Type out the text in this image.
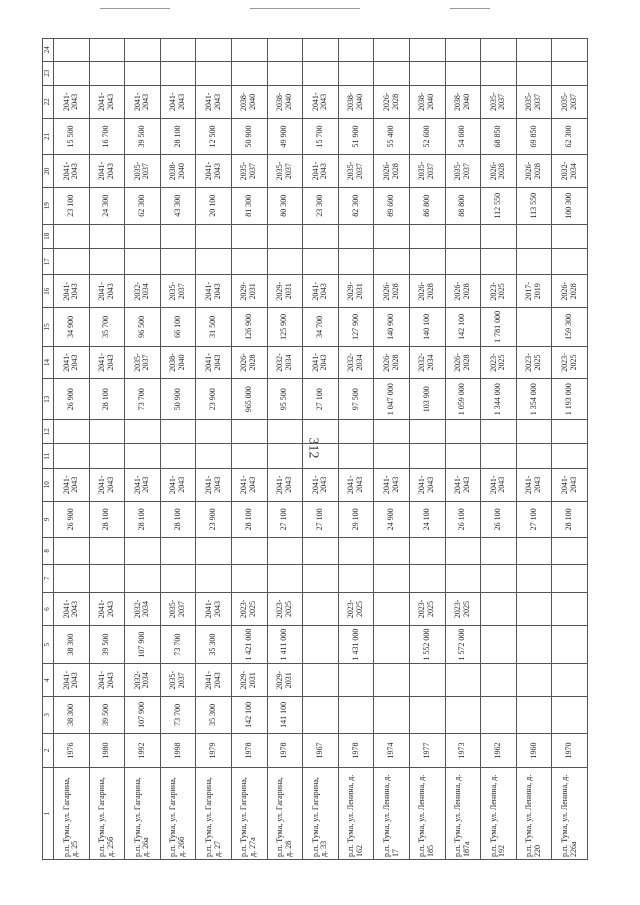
312
1	2	3	4	5	6	7	8	9	10	11	12	13	14	15	16	17	18	19	20	21	22	23	24
р.п. Тума, ул. Гагарина, д. 25	1976	38 300	2041-2043	38 300	2041-2043			26 900	2041-2043			26 900	2041-2043	34 900	2041-2043			23 100	2041-2043	15 500	2041-2043		
р.п. Тума, ул. Гагарина, д. 25б	1980	39 500	2041-2043	39 500	2041-2043			28 100	2041-2043			28 100	2041-2043	35 700	2041-2043			24 300	2041-2043	16 700	2041-2043		
р.п. Тума, ул. Гагарина, д. 26а	1992	107 900	2032-2034	107 900	2032-2034			28 100	2041-2043			73 700	2035-2037	96 500	2032-2034			62 300	2035-2037	39 500	2041-2043		
р.п. Тума, ул. Гагарина, д. 26б	1998	73 700	2035-2037	73 700	2035-2037			28 100	2041-2043			50 900	2038-2040	66 100	2035-2037			43 300	2038-2040	28 100	2041-2043		
р.п. Тума, ул. Гагарина, д. 27	1979	35 300	2041-2043	35 300	2041-2043			23 900	2041-2043			23 900	2041-2043	31 500	2041-2043			20 100	2041-2043	12 500	2041-2043		
р.п. Тума, ул. Гагарина, д. 27а	1978	142 100	2029-2031	1 421 000	2023-2025			28 100	2041-2043			965 000	2026-2028	126 900	2029-2031			81 300	2035-2037	50 900	2038-2040		
р.п. Тума, ул. Гагарина, д. 28	1978	141 100	2029-2031	1 411 000	2023-2025			27 100	2041-2043			95 500	2032-2034	125 900	2029-2031			80 300	2035-2037	49 900	2038-2040		
р.п. Тума, ул. Гагарина, д. 33	1967							27 100	2041-2043			27 100	2041-2043	34 700	2041-2043			23 300	2041-2043	15 700	2041-2043		
р.п. Тума, ул. Ленина, д. 162	1978			1 431 000	2023-2025			29 100	2041-2043			97 500	2032-2034	127 900	2029-2031			82 300	2035-2037	51 900	2038-2040		
р.п. Тума, ул. Ленина, д. 17	1974							24 900	2041-2043			1 047 000	2026-2028	140 900	2026-2028			89 600	2026-2028	55 400	2026-2028		
р.п. Тума, ул. Ленина, д. 185	1977			1 552 000	2023-2025			24 100	2041-2043			103 900	2032-2034	140 100	2026-2028			86 800	2035-2037	52 600	2038-2040		
р.п. Тума, ул. Ленина, д. 187а	1973			1 572 000	2023-2025			26 100	2041-2043			1 059 000	2026-2028	142 100	2026-2028			88 800	2035-2037	54 600	2038-2040		
р.п. Тума, ул. Ленина, д. 192	1962							26 100	2041-2043			1 344 000	2023-2025	1 781 000	2023-2025			112 550	2026-2028	68 850	2035-2037		
р.п. Тума, ул. Ленина, д. 220	1960							27 100	2041-2043			1 354 000	2023-2025		2017-2019			113 550	2026-2028	69 850	2035-2037		
р.п. Тума, ул. Ленина, д. 226а	1970							28 100	2041-2043			1 193 000	2023-2025	159 300	2026-2028			100 300	2032-2034	62 300	2035-2037		
